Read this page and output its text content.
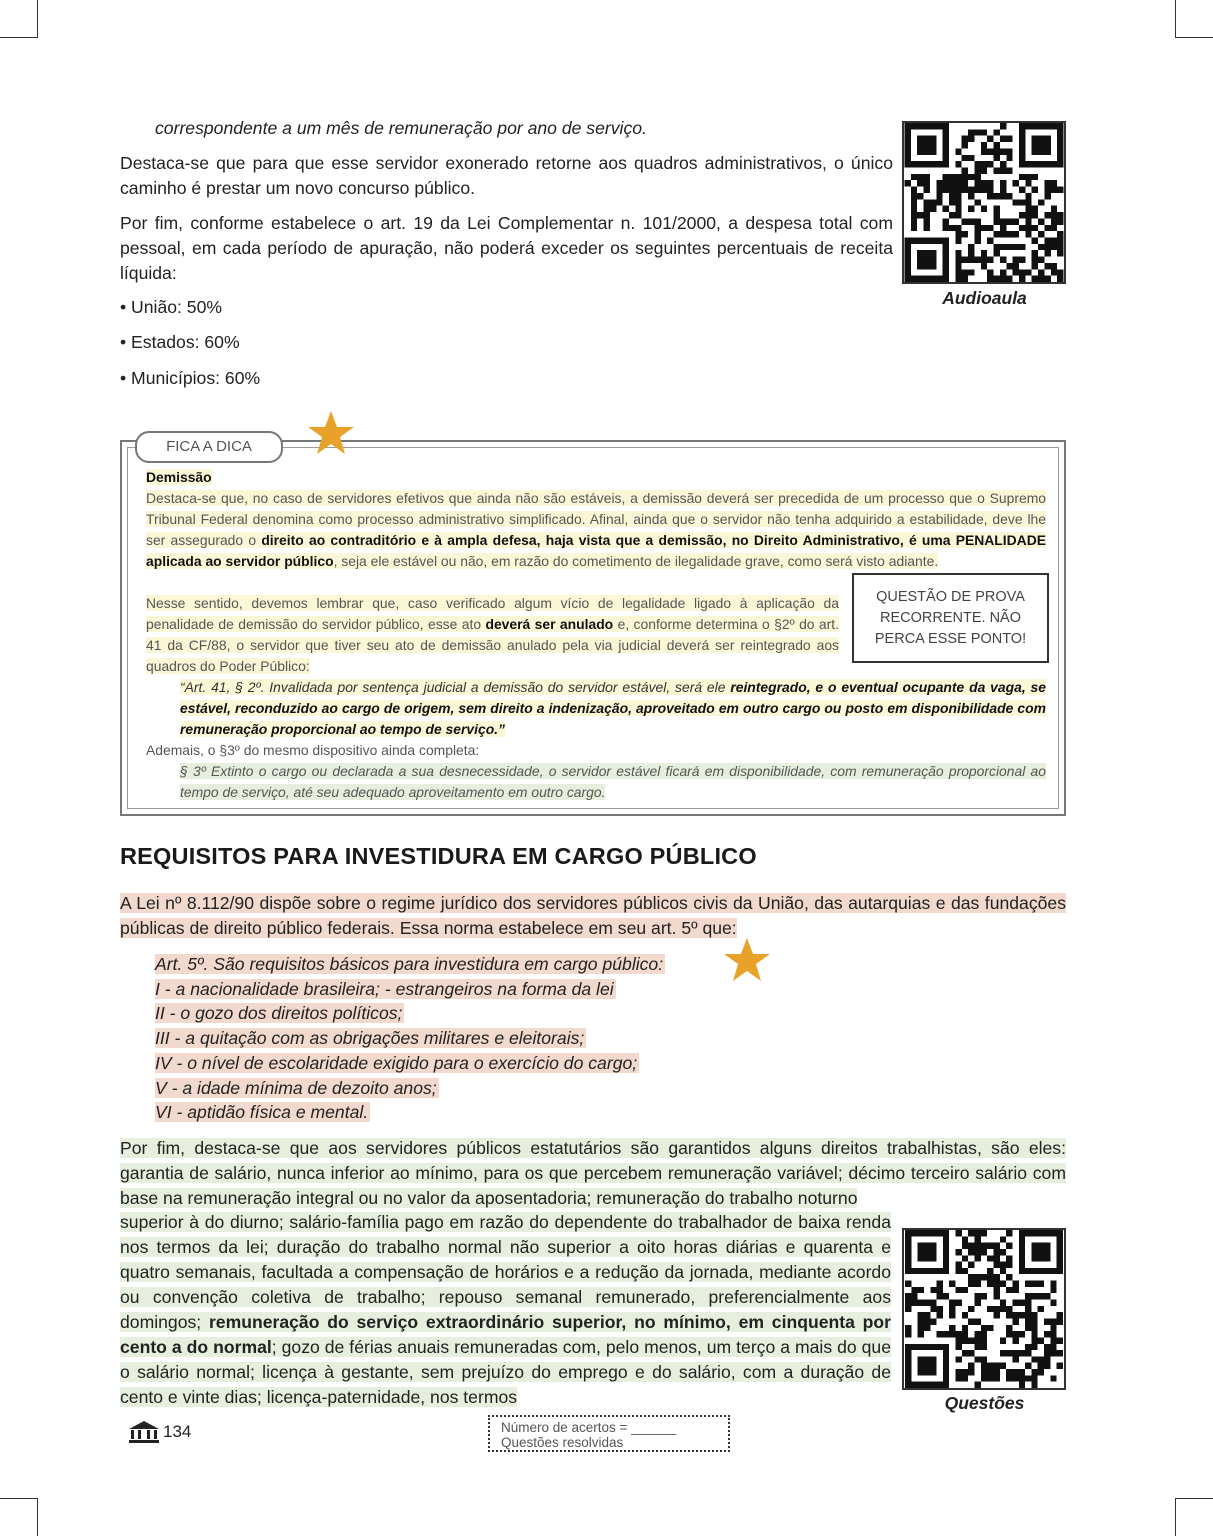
correspondente a um mês de remuneração por ano de serviço.

Destaca-se que para que esse servidor exonerado retorne aos quadros administrativos, o único caminho é prestar um novo concurso público.

Por fim, conforme estabelece o art. 19 da Lei Complementar n. 101/2000, a despesa total com pessoal, em cada período de apuração, não poderá exceder os seguintes percentuais de receita líquida:

• União: 50%
• Estados: 60%
• Municípios: 60%
Audioaula
FICA A DICA

Demissão

Destaca-se que, no caso de servidores efetivos que ainda não são estáveis, a demissão deverá ser precedida de um processo que o Supremo Tribunal Federal denomina como processo administrativo simplificado. Afinal, ainda que o servidor não tenha adquirido a estabilidade, deve lhe ser assegurado o direito ao contraditório e à ampla defesa, haja vista que a demissão, no Direito Administrativo, é uma PENALIDADE aplicada ao servidor público, seja ele estável ou não, em razão do cometimento de ilegalidade grave, como será visto adiante.

Nesse sentido, devemos lembrar que, caso verificado algum vício de legalidade ligado à aplicação da penalidade de demissão do servidor público, esse ato deverá ser anulado e, conforme determina o §2º do art. 41 da CF/88, o servidor que tiver seu ato de demissão anulado pela via judicial deverá ser reintegrado aos quadros do Poder Público:

“Art. 41, § 2º. Invalidada por sentença judicial a demissão do servidor estável, será ele reintegrado, e o eventual ocupante da vaga, se estável, reconduzido ao cargo de origem, sem direito a indenização, aproveitado em outro cargo ou posto em disponibilidade com remuneração proporcional ao tempo de serviço.”

Ademais, o §3º do mesmo dispositivo ainda completa:

§ 3º Extinto o cargo ou declarada a sua desnecessidade, o servidor estável ficará em disponibilidade, com remuneração proporcional ao tempo de serviço, até seu adequado aproveitamento em outro cargo.

QUESTÃO DE PROVA
RECORRENTE. NÃO
PERCA ESSE PONTO!
REQUISITOS PARA INVESTIDURA EM CARGO PÚBLICO

A Lei nº 8.112/90 dispõe sobre o regime jurídico dos servidores públicos civis da União, das autarquias e das fundações públicas de direito público federais. Essa norma estabelece em seu art. 5º que:

Art. 5º. São requisitos básicos para investidura em cargo público:
I - a nacionalidade brasileira; - estrangeiros na forma da lei
II - o gozo dos direitos políticos;
III - a quitação com as obrigações militares e eleitorais;
IV - o nível de escolaridade exigido para o exercício do cargo;
V - a idade mínima de dezoito anos;
VI - aptidão física e mental.

Por fim, destaca-se que aos servidores públicos estatutários são garantidos alguns direitos trabalhistas, são eles: garantia de salário, nunca inferior ao mínimo, para os que percebem remuneração variável; décimo terceiro salário com base na remuneração integral ou no valor da aposentadoria; remuneração do trabalho noturno

superior à do diurno; salário-família pago em razão do dependente do trabalhador de baixa renda nos termos da lei; duração do trabalho normal não superior a oito horas diárias e quarenta e quatro semanais, facultada a compensação de horários e a redução da jornada, mediante acordo ou convenção coletiva de trabalho; repouso semanal remunerado, preferencialmente aos domingos; remuneração do serviço extraordinário superior, no mínimo, em cinquenta por cento a do normal; gozo de férias anuais remuneradas com, pelo menos, um terço a mais do que o salário normal; licença à gestante, sem prejuízo do emprego e do salário, com a duração de cento e vinte dias; licença-paternidade, nos termos	Questões
134	Número de acertos = ______
Questões resolvidas
